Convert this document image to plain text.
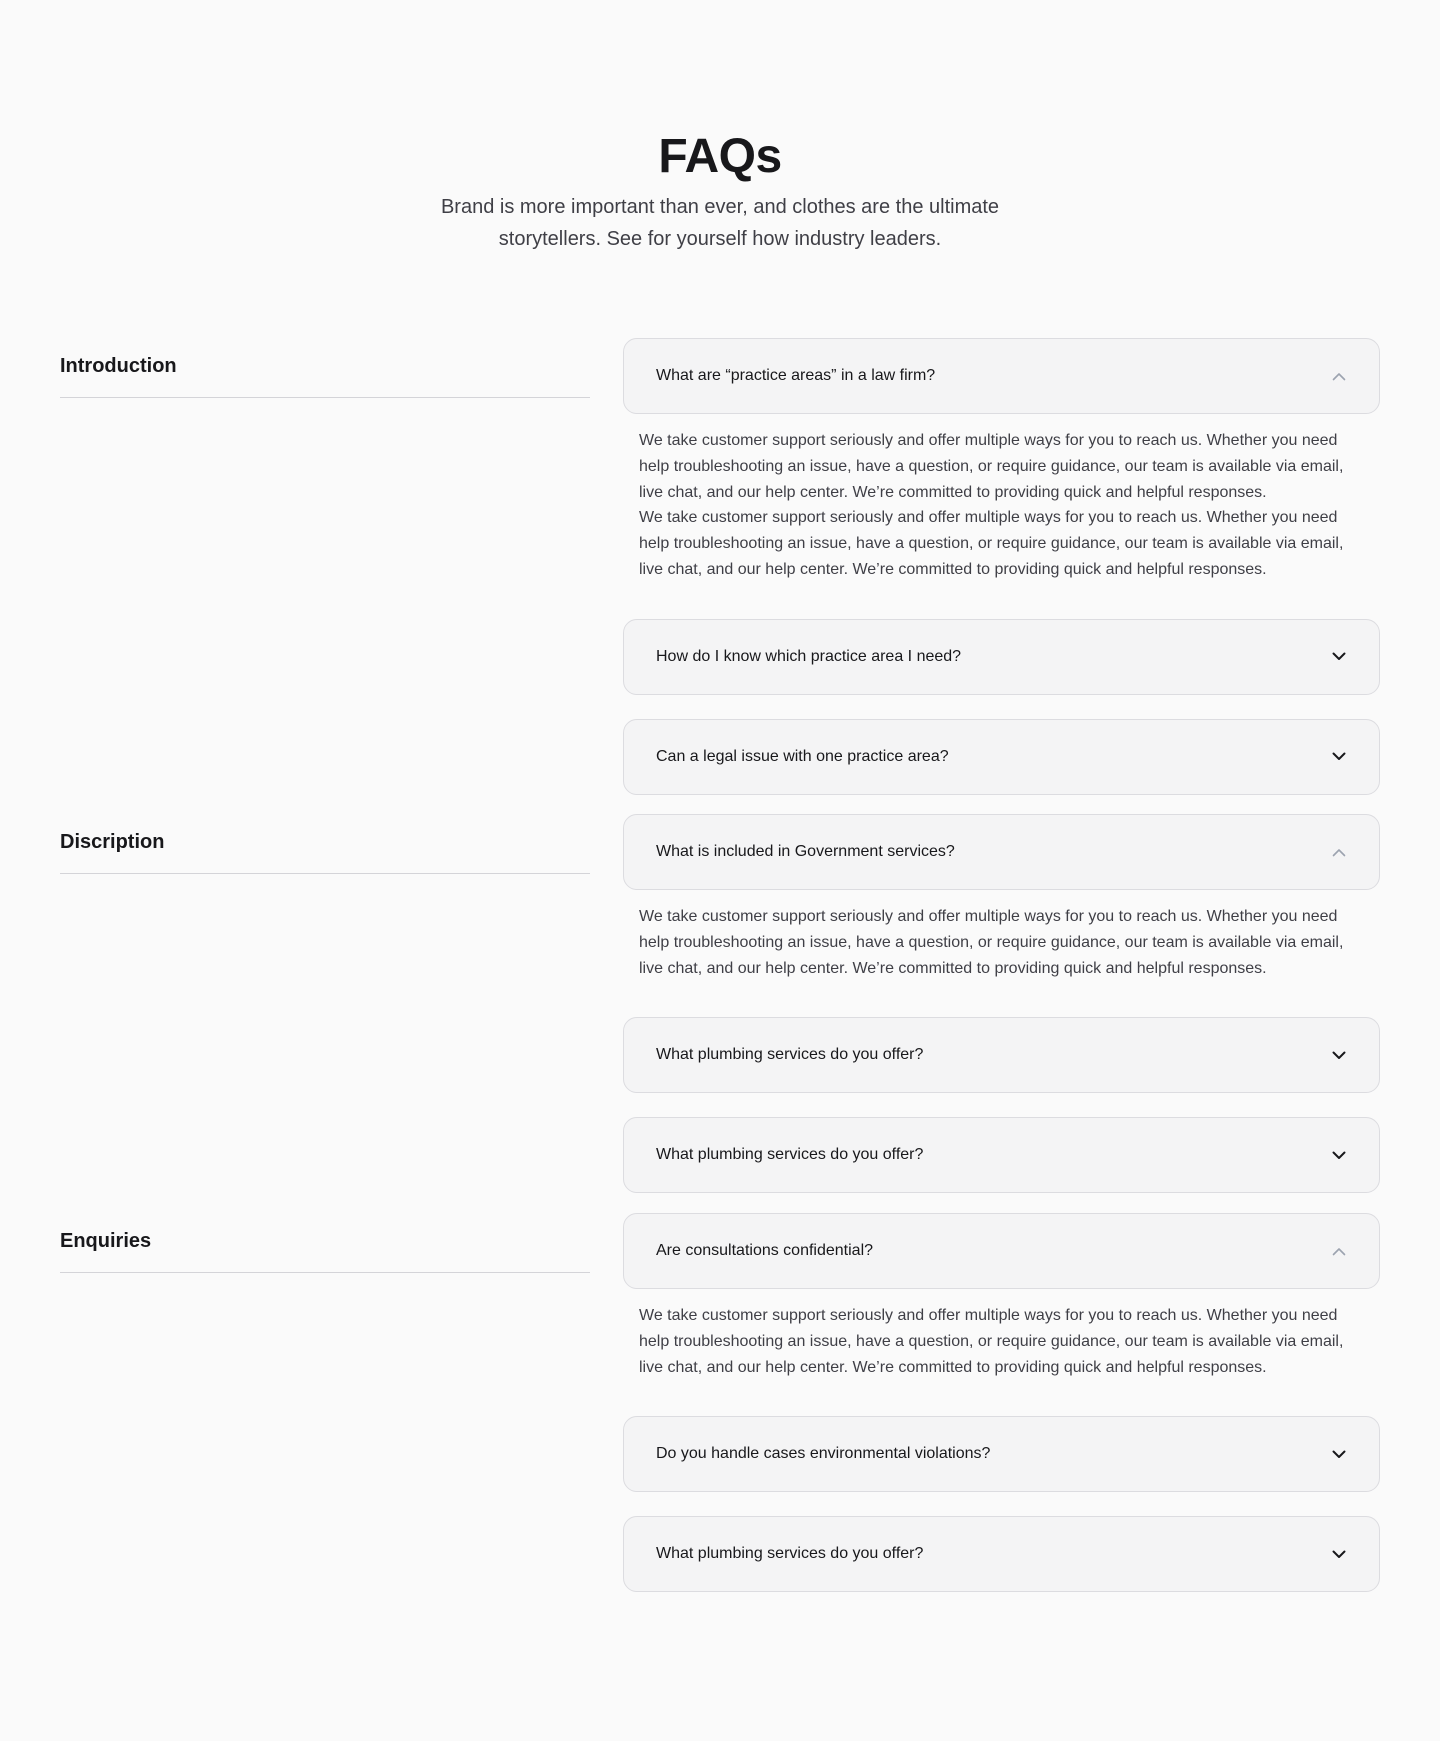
FAQs

Brand is more important than ever, and clothes are the ultimate storytellers. See for yourself how industry leaders.

Introduction	What are “practice areas” in a law firm?

We take customer support seriously and offer multiple ways for you to reach us. Whether you need help troubleshooting an issue, have a question, or require guidance, our team is available via email, live chat, and our help center. We’re committed to providing quick and helpful responses.

We take customer support seriously and offer multiple ways for you to reach us. Whether you need help troubleshooting an issue, have a question, or require guidance, our team is available via email, live chat, and our help center. We’re committed to providing quick and helpful responses.

How do I know which practice area I need?
Can a legal issue with one practice area?
Discription	What is included in Government services?

We take customer support seriously and offer multiple ways for you to reach us. Whether you need help troubleshooting an issue, have a question, or require guidance, our team is available via email, live chat, and our help center. We’re committed to providing quick and helpful responses.

What plumbing services do you offer?
What plumbing services do you offer?
Enquiries	Are consultations confidential?

We take customer support seriously and offer multiple ways for you to reach us. Whether you need help troubleshooting an issue, have a question, or require guidance, our team is available via email, live chat, and our help center. We’re committed to providing quick and helpful responses.

Do you handle cases environmental violations?
What plumbing services do you offer?
